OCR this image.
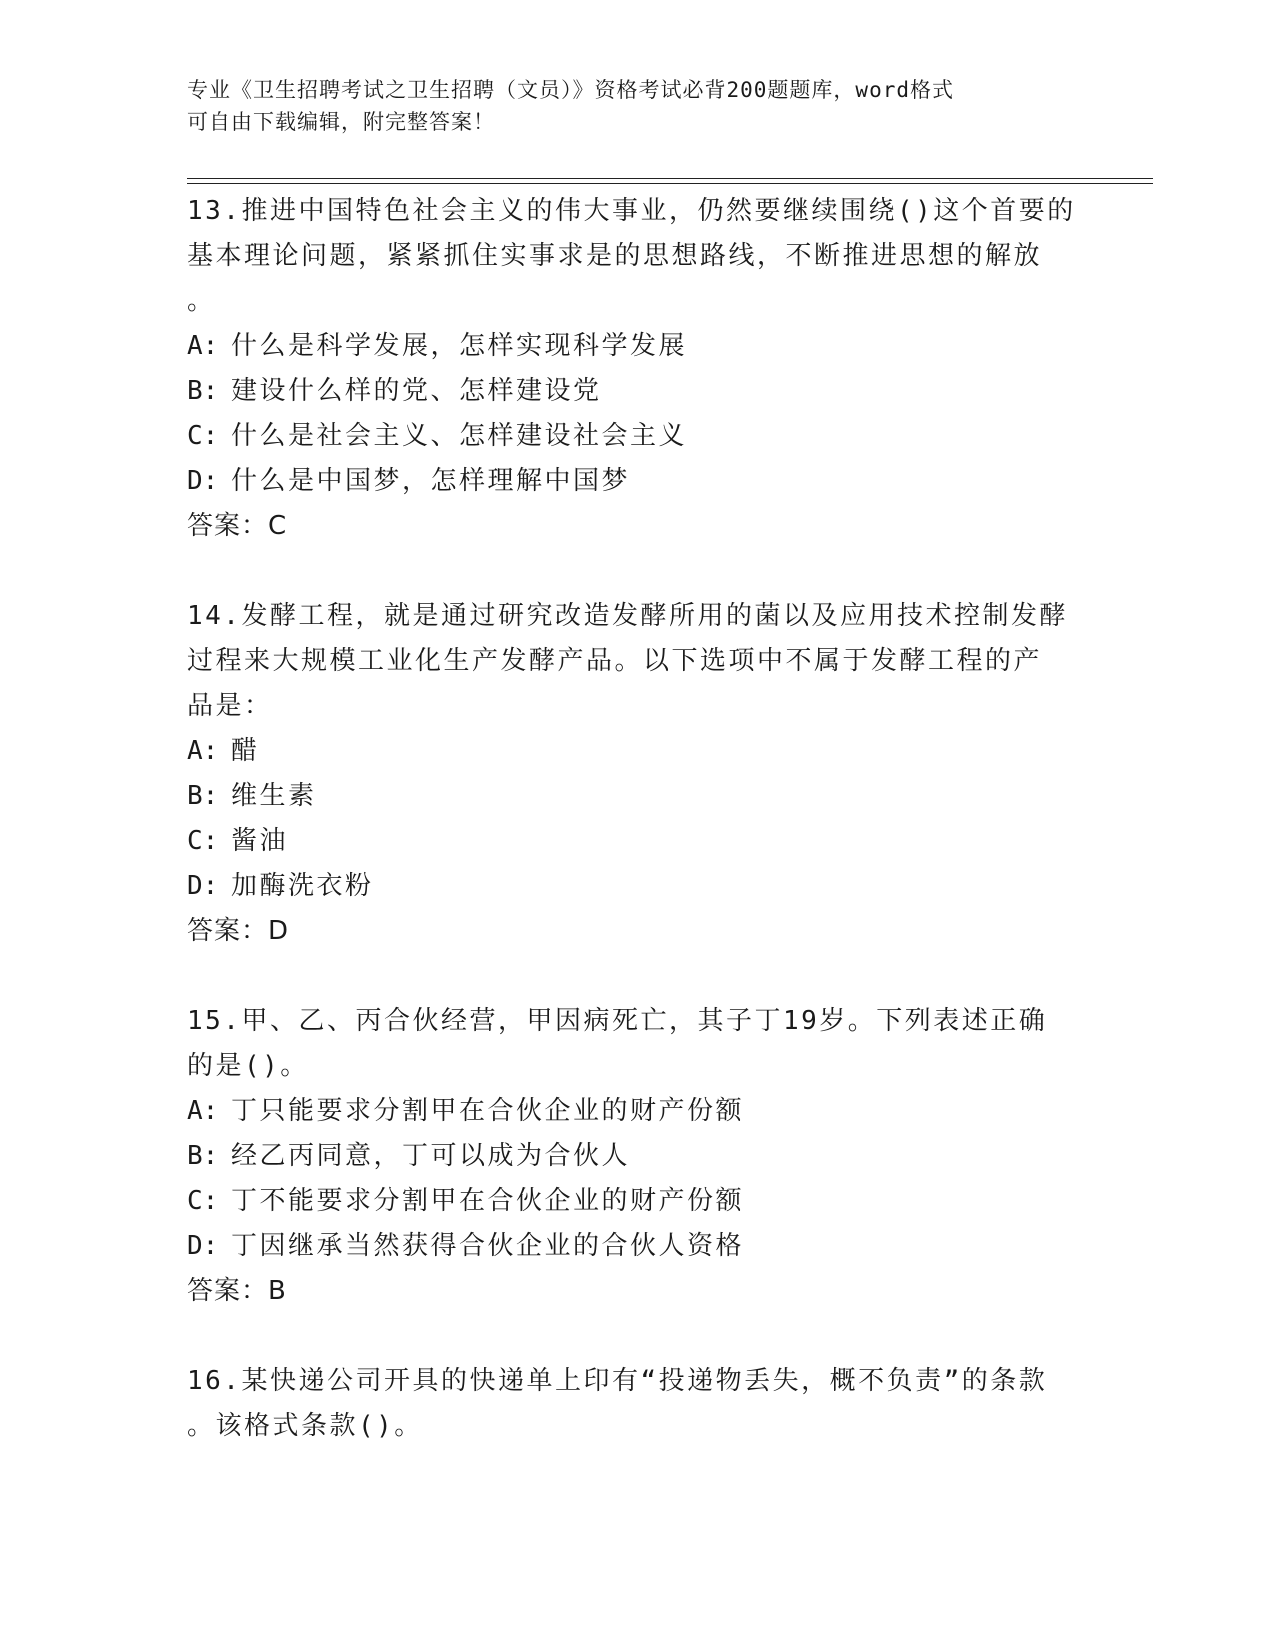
专业《卫生招聘考试之卫生招聘（文员）》资格考试必背200题题库，word格式
可自由下载编辑，附完整答案！

13.推进中国特色社会主义的伟大事业，仍然要继续围绕()这个首要的

基本理论问题，紧紧抓住实事求是的思想路线，不断推进思想的解放

。

A: 什么是科学发展，怎样实现科学发展

B: 建设什么样的党、怎样建设党

C: 什么是社会主义、怎样建设社会主义

D: 什么是中国梦，怎样理解中国梦

答案：C

14.发酵工程，就是通过研究改造发酵所用的菌以及应用技术控制发酵

过程来大规模工业化生产发酵产品。以下选项中不属于发酵工程的产

品是：

A: 醋

B: 维生素

C: 酱油

D: 加酶洗衣粉

答案：D

15.甲、乙、丙合伙经营，甲因病死亡，其子丁19岁。下列表述正确

的是()。

A: 丁只能要求分割甲在合伙企业的财产份额

B: 经乙丙同意，丁可以成为合伙人

C: 丁不能要求分割甲在合伙企业的财产份额

D: 丁因继承当然获得合伙企业的合伙人资格

答案：B

16.某快递公司开具的快递单上印有“投递物丢失，概不负责”的条款

。该格式条款()。
